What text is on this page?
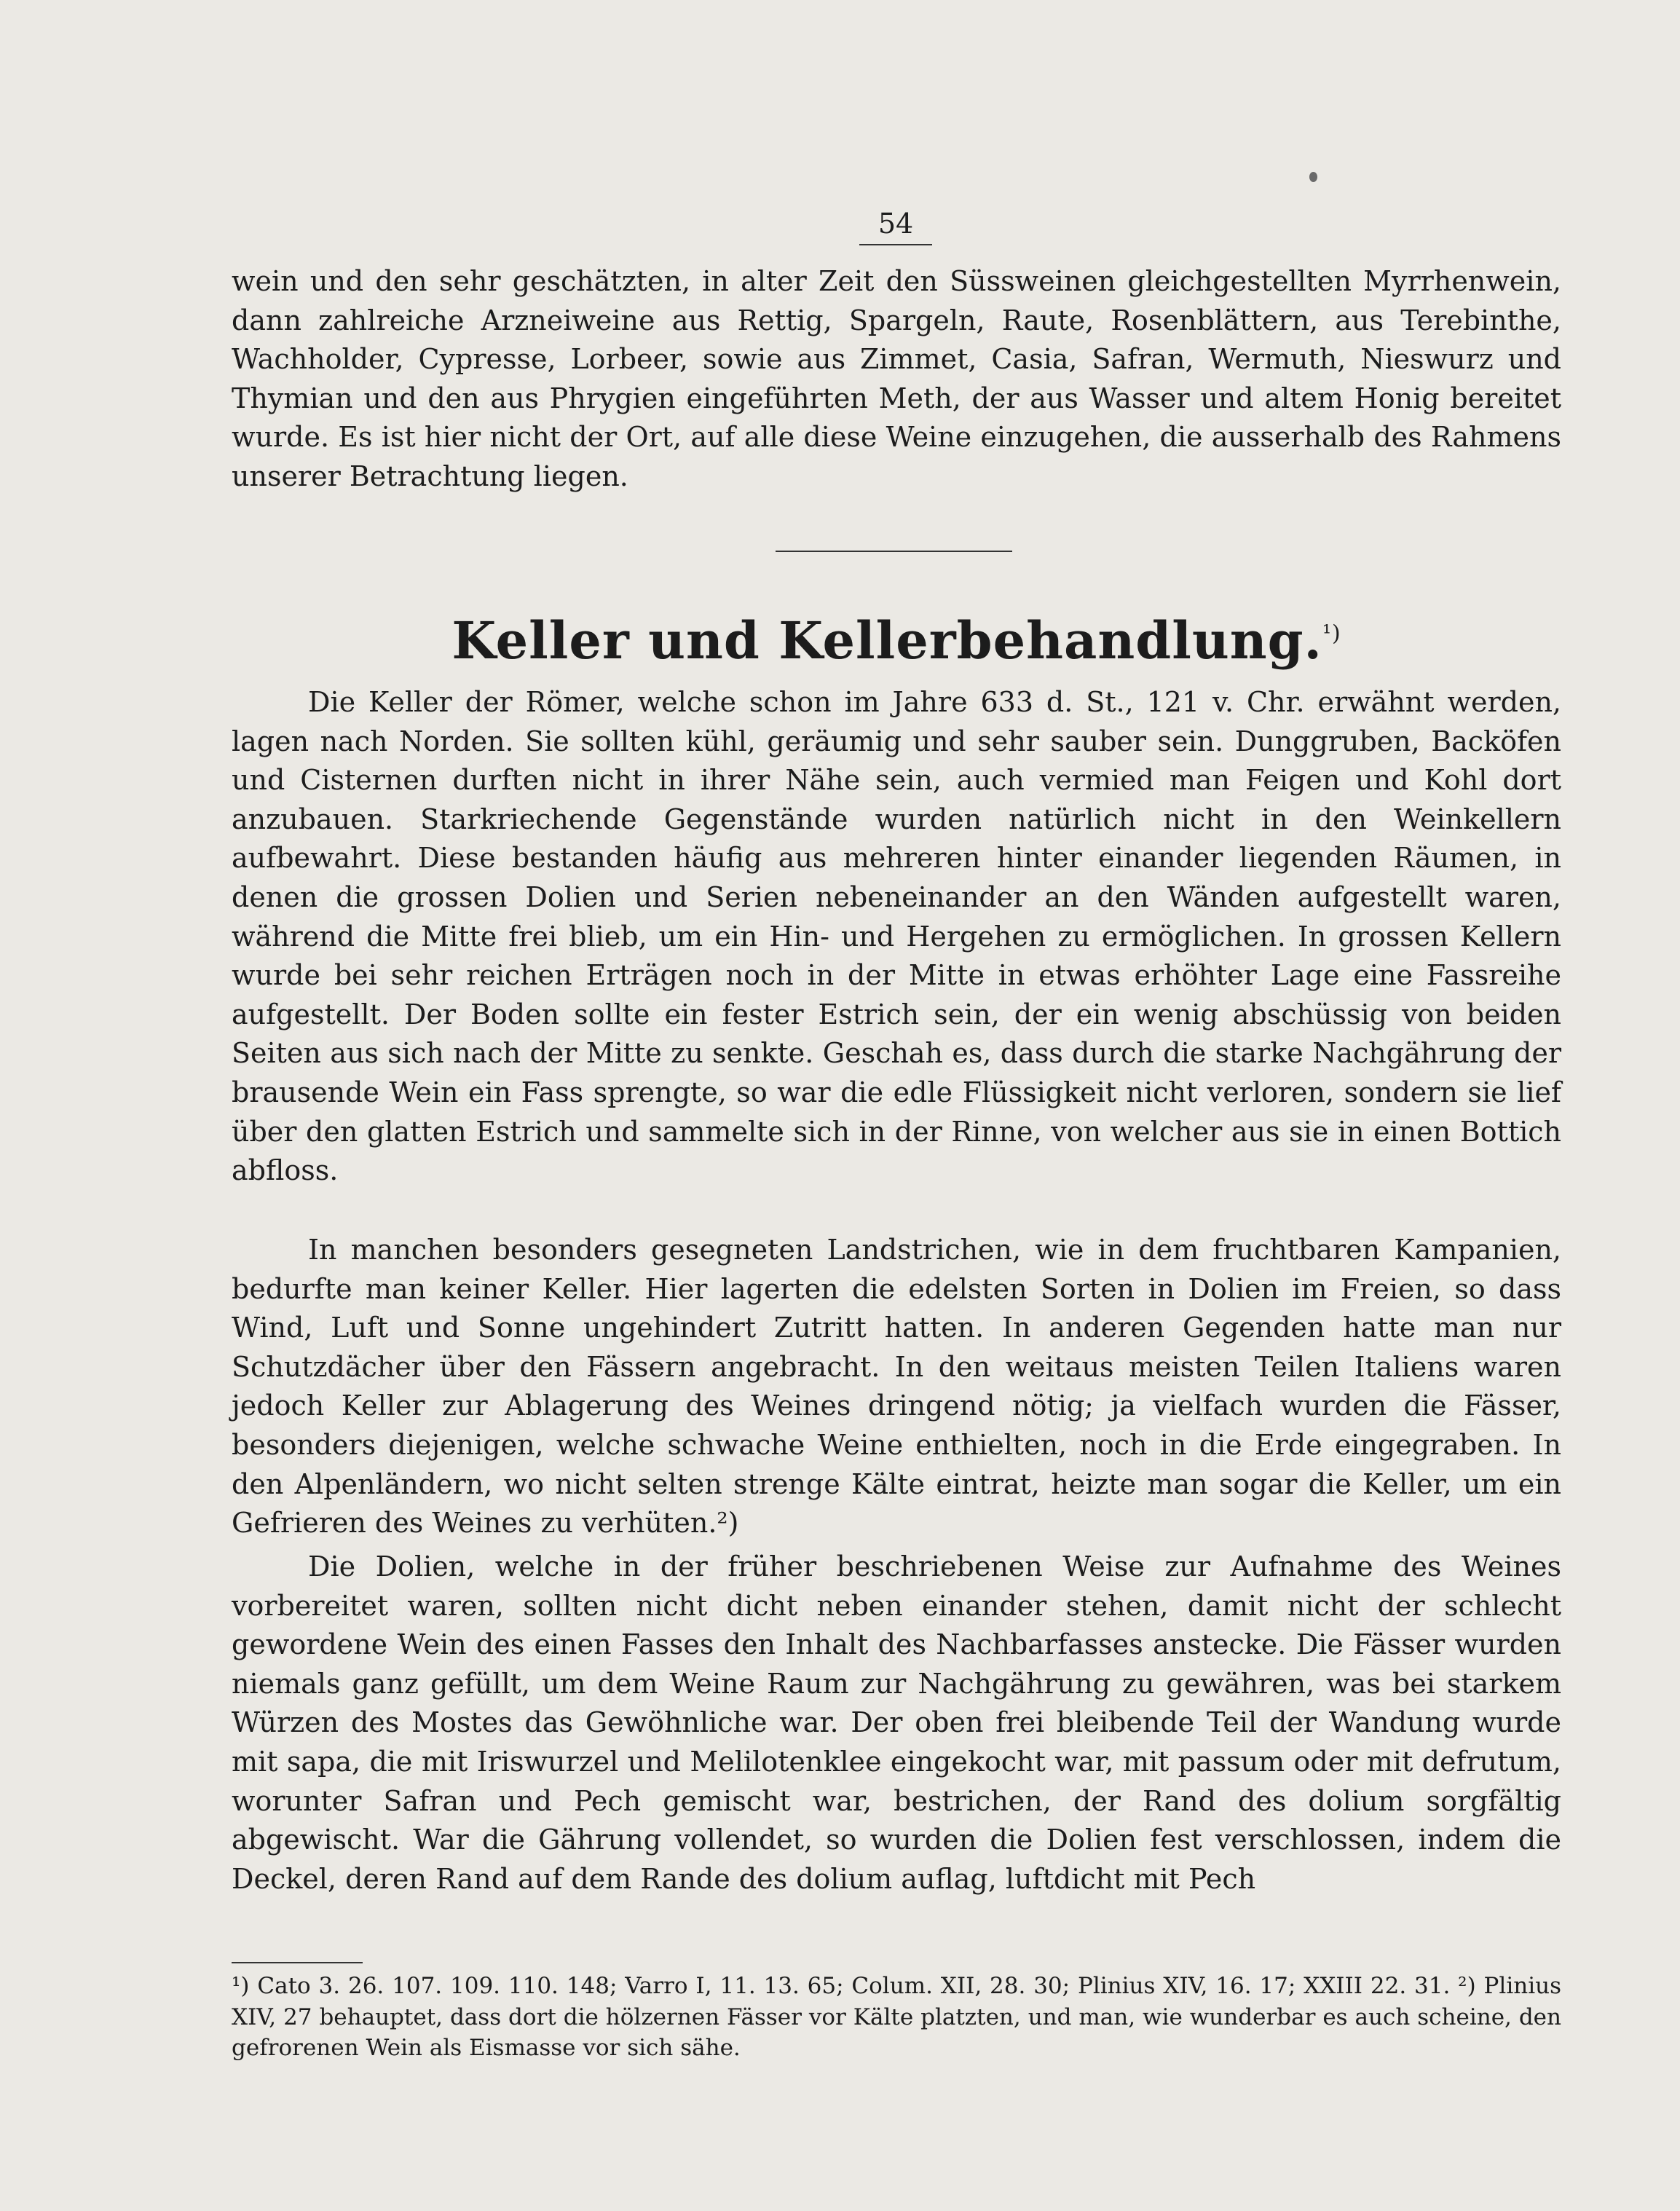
54

wein und den sehr geschätzten, in alter Zeit den Süssweinen gleichgestellten Myrrhenwein, dann zahlreiche Arzneiweine aus Rettig, Spargeln, Raute, Rosenblättern, aus Terebinthe, Wachholder, Cypresse, Lorbeer, sowie aus Zimmet, Casia, Safran, Wermuth, Nieswurz und Thymian und den aus Phrygien eingeführten Meth, der aus Wasser und altem Honig bereitet wurde. Es ist hier nicht der Ort, auf alle diese Weine einzugehen, die ausserhalb des Rahmens unserer Betrachtung liegen.

Keller und Kellerbehandlung.$^{^1)}$

Die Keller der Römer, welche schon im Jahre 633 d. St., 121 v. Chr. erwähnt werden, lagen nach Norden. Sie sollten kühl, geräumig und sehr sauber sein. Dunggruben, Backöfen und Cisternen durften nicht in ihrer Nähe sein, auch vermied man Feigen und Kohl dort anzubauen. Starkriechende Gegenstände wurden natürlich nicht in den Weinkellern aufbewahrt. Diese bestanden häufig aus mehreren hinter einander liegenden Räumen, in denen die grossen Dolien und Serien nebeneinander an den Wänden aufgestellt waren, während die Mitte frei blieb, um ein Hin- und Hergehen zu ermöglichen. In grossen Kellern wurde bei sehr reichen Erträgen noch in der Mitte in etwas erhöhter Lage eine Fassreihe aufgestellt. Der Boden sollte ein fester Estrich sein, der ein wenig abschüssig von beiden Seiten aus sich nach der Mitte zu senkte. Geschah es, dass durch die starke Nachgährung der brausende Wein ein Fass sprengte, so war die edle Flüssigkeit nicht verloren, sondern sie lief über den glatten Estrich und sammelte sich in der Rinne, von welcher aus sie in einen Bottich abfloss.

In manchen besonders gesegneten Landstrichen, wie in dem fruchtbaren Kampanien, bedurfte man keiner Keller. Hier lagerten die edelsten Sorten in Dolien im Freien, so dass Wind, Luft und Sonne ungehindert Zutritt hatten. In anderen Gegenden hatte man nur Schutzdächer über den Fässern angebracht. In den weitaus meisten Teilen Italiens waren jedoch Keller zur Ablagerung des Weines dringend nötig; ja vielfach wurden die Fässer, besonders diejenigen, welche schwache Weine enthielten, noch in die Erde eingegraben. In den Alpenländern, wo nicht selten strenge Kälte eintrat, heizte man sogar die Keller, um ein Gefrieren des Weines zu verhüten.²)

Die Dolien, welche in der früher beschriebenen Weise zur Aufnahme des Weines vorbereitet waren, sollten nicht dicht neben einander stehen, damit nicht der schlecht gewordene Wein des einen Fasses den Inhalt des Nachbarfasses anstecke. Die Fässer wurden niemals ganz gefüllt, um dem Weine Raum zur Nachgährung zu gewähren, was bei starkem Würzen des Mostes das Gewöhnliche war. Der oben frei bleibende Teil der Wandung wurde mit sapa, die mit Iriswurzel und Melilotenklee eingekocht war, mit passum oder mit defrutum, worunter Safran und Pech gemischt war, bestrichen, der Rand des dolium sorgfältig abgewischt. War die Gährung vollendet, so wurden die Dolien fest verschlossen, indem die Deckel, deren Rand auf dem Rande des dolium auflag, luftdicht mit Pech

¹) Cato 3. 26. 107. 109. 110. 148; Varro I, 11. 13. 65; Colum. XII, 28. 30; Plinius XIV, 16. 17; XXIII 22. 31. ²) Plinius XIV, 27 behauptet, dass dort die hölzernen Fässer vor Kälte platzten, und man, wie wunderbar es auch scheine, den gefrorenen Wein als Eismasse vor sich sähe.
